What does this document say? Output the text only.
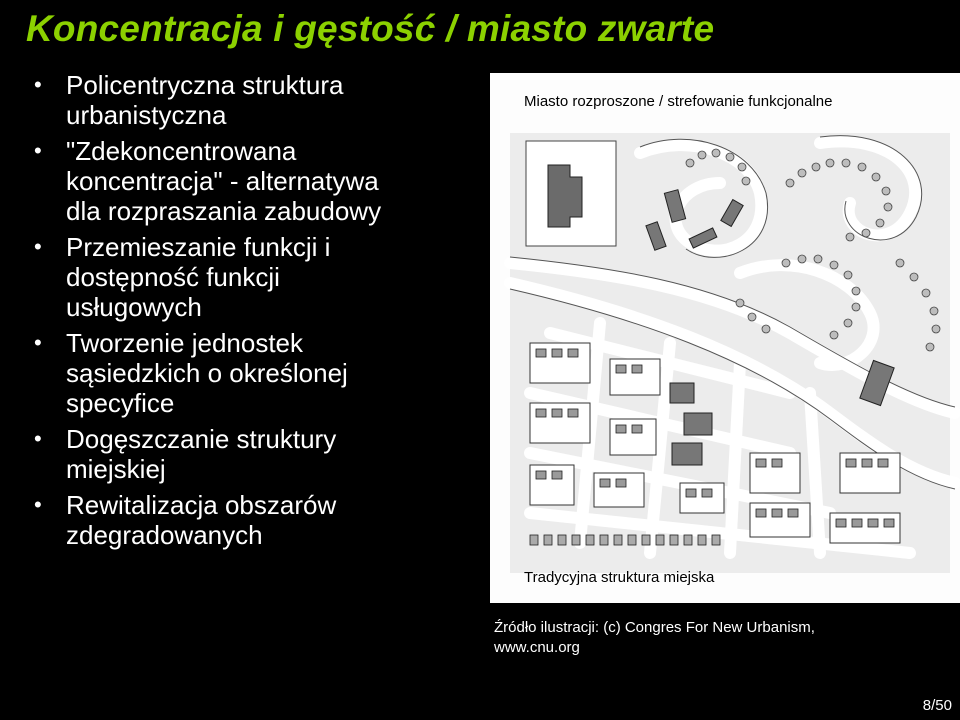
Koncentracja i gęstość / miasto zwarte
• Policentryczna struktura
urbanistyczna
• "Zdekoncentrowana
koncentracja" - alternatywa
dla rozpraszania zabudowy
• Przemieszanie funkcji i
dostępność funkcji
usługowych
• Tworzenie jednostek
sąsiedzkich o określonej
specyfice
• Dogęszczanie struktury
miejskiej
• Rewitalizacja obszarów
zdegradowanych
Miasto rozproszone / strefowanie funkcjonalne
Tradycyjna struktura miejska
Źródło ilustracji: (c) Congres For New Urbanism,
www.cnu.org
8/50
